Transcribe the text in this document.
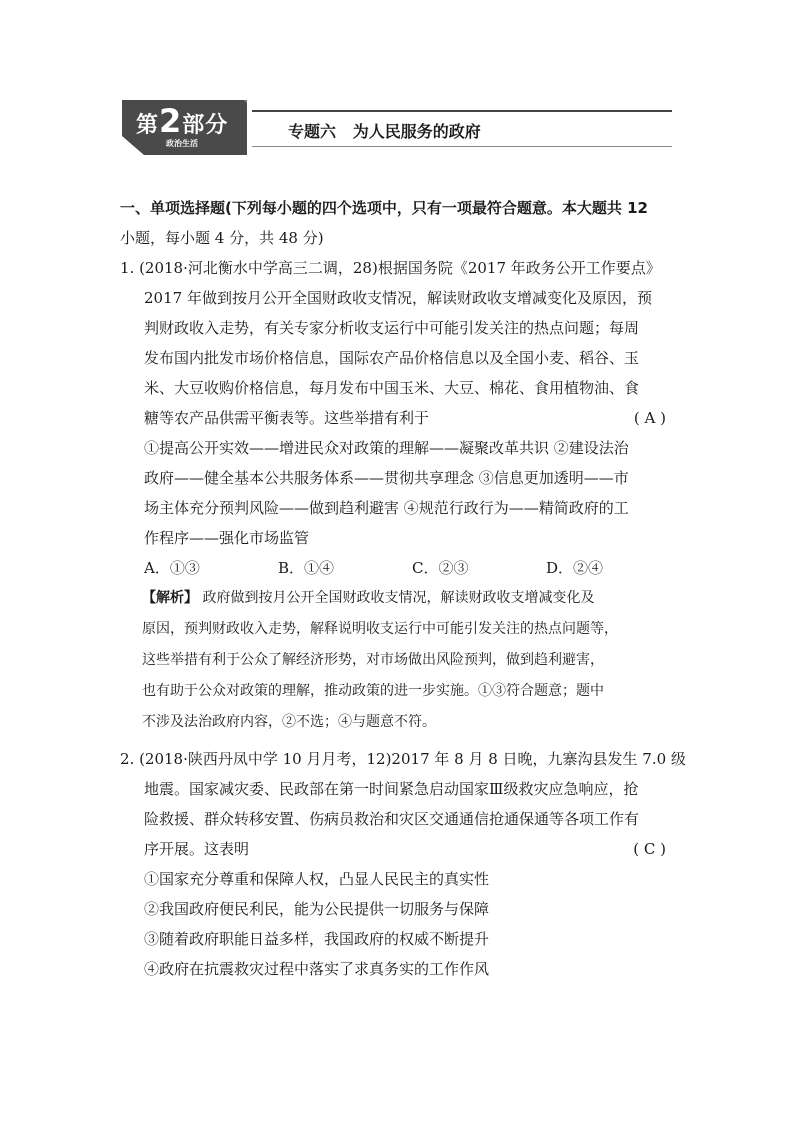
第2部分
政治生活
专题六   为人民服务的政府
一、单项选择题(下列每小题的四个选项中，只有一项最符合题意。本大题共 12
小题，每小题 4 分，共 48 分)
1. (2018·河北衡水中学高三二调，28)根据国务院《2017 年政务公开工作要点》
2017 年做到按月公开全国财政收支情况，解读财政收支增减变化及原因，预
判财政收入走势，有关专家分析收支运行中可能引发关注的热点问题；每周
发布国内批发市场价格信息，国际农产品价格信息以及全国小麦、稻谷、玉
米、大豆收购价格信息，每月发布中国玉米、大豆、棉花、食用植物油、食
糖等农产品供需平衡表等。这些举措有利于	( A )
①提高公开实效——增进民众对政策的理解——凝聚改革共识 ②建设法治
政府——健全基本公共服务体系——贯彻共享理念 ③信息更加透明——市
场主体充分预判风险——做到趋利避害 ④规范行政行为——精简政府的工
作程序——强化市场监管
A．①③	B．①④	C．②③	D．②④
【解析】 政府做到按月公开全国财政收支情况，解读财政收支增减变化及
原因，预判财政收入走势，解释说明收支运行中可能引发关注的热点问题等，
这些举措有利于公众了解经济形势，对市场做出风险预判，做到趋利避害，
也有助于公众对政策的理解，推动政策的进一步实施。①③符合题意；题中
不涉及法治政府内容，②不选；④与题意不符。
2. (2018·陕西丹凤中学 10 月月考，12)2017 年 8 月 8 日晚，九寨沟县发生 7.0 级
地震。国家减灾委、民政部在第一时间紧急启动国家Ⅲ级救灾应急响应，抢
险救援、群众转移安置、伤病员救治和灾区交通通信抢通保通等各项工作有
序开展。这表明	( C )
①国家充分尊重和保障人权，凸显人民民主的真实性
②我国政府便民利民，能为公民提供一切服务与保障
③随着政府职能日益多样，我国政府的权威不断提升
④政府在抗震救灾过程中落实了求真务实的工作作风
